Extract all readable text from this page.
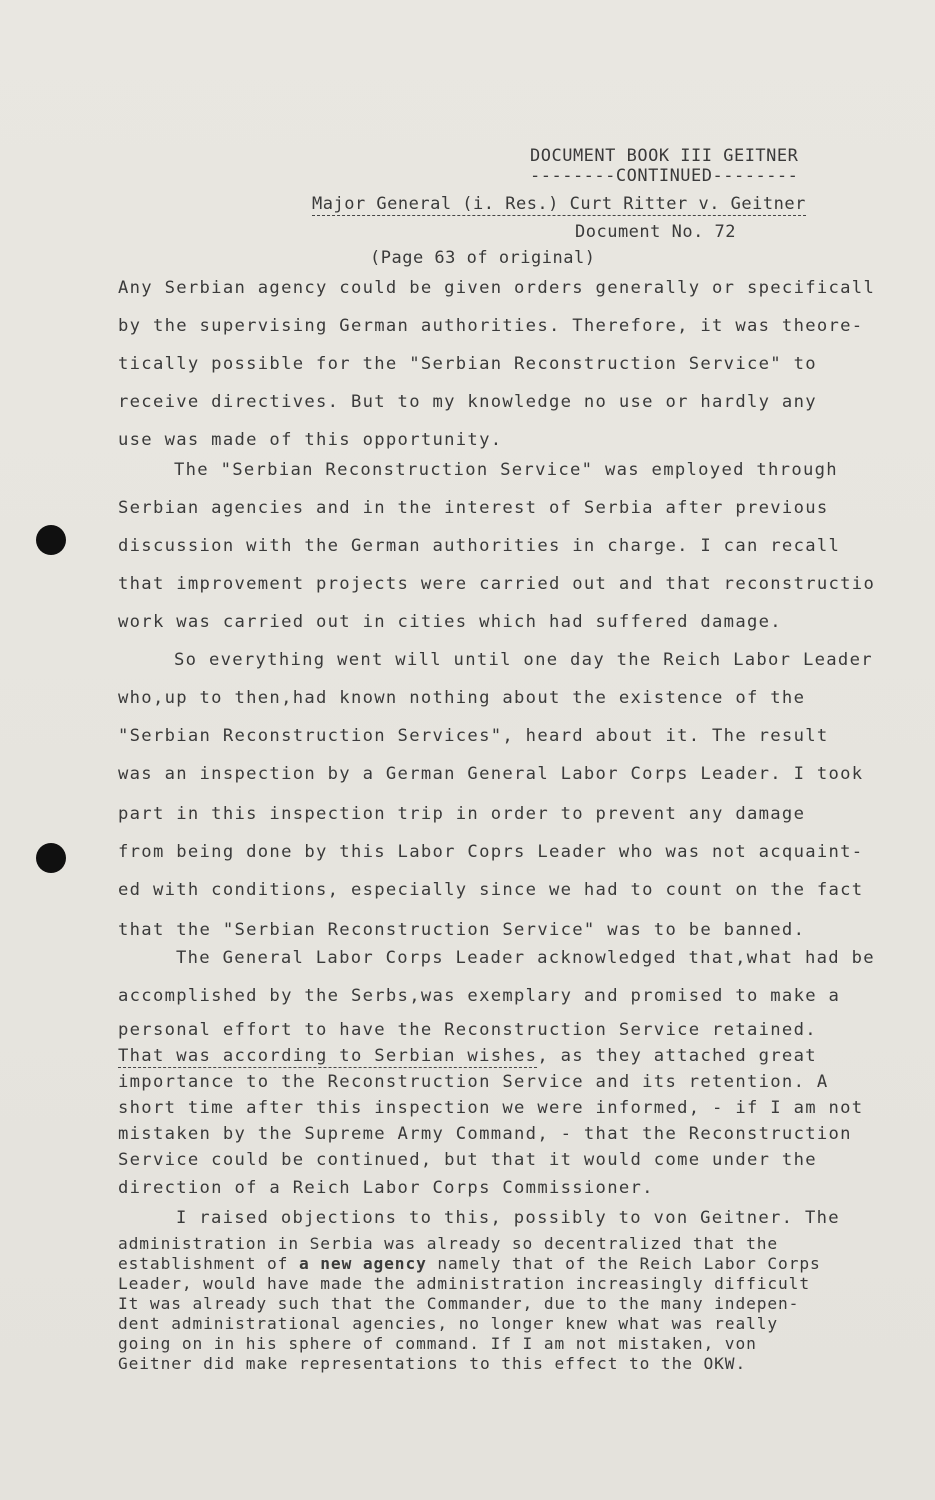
DOCUMENT BOOK III GEITNER
--------CONTINUED--------
Major General (i. Res.) Curt Ritter v. Geitner
Document No. 72
(Page 63 of original)
Any Serbian agency could be given orders generally or specificall
by the supervising German authorities. Therefore, it was theore-
tically possible for the "Serbian Reconstruction Service" to
receive directives. But to my knowledge no use or hardly any
use was made of this opportunity.
The "Serbian Reconstruction Service" was employed through
Serbian agencies and in the interest of Serbia after previous
discussion with the German authorities in charge. I can recall
that improvement projects were carried out and that reconstructio
work was carried out in cities which had suffered damage.
So everything went will until one day the Reich Labor Leader
who,up to then,had known nothing about the existence of the
"Serbian Reconstruction Services", heard about it. The result
was an inspection by a German General Labor Corps Leader. I took
part in this inspection trip in order to prevent any damage
from being done by this Labor Coprs Leader who was not acquaint-
ed with conditions, especially since we had to count on the fact
that the "Serbian Reconstruction Service" was to be banned.
The General Labor Corps Leader acknowledged that,what had be
accomplished by the Serbs,was exemplary and promised to make a
personal effort to have the Reconstruction Service retained.
That was according to Serbian wishes, as they attached great
importance to the Reconstruction Service and its retention. A
short time after this inspection we were informed, - if I am not
mistaken by the Supreme Army Command, - that the Reconstruction
Service could be continued, but that it would come under the
direction of a Reich Labor Corps Commissioner.
I raised objections to this, possibly to von Geitner. The
administration in Serbia was already so decentralized that the
establishment of a new agency namely that of the Reich Labor Corps
Leader, would have made the administration increasingly difficult
It was already such that the Commander, due to the many indepen-
dent administrational agencies, no longer knew what was really
going on in his sphere of command. If I am not mistaken, von
Geitner did make representations to this effect to the OKW.
